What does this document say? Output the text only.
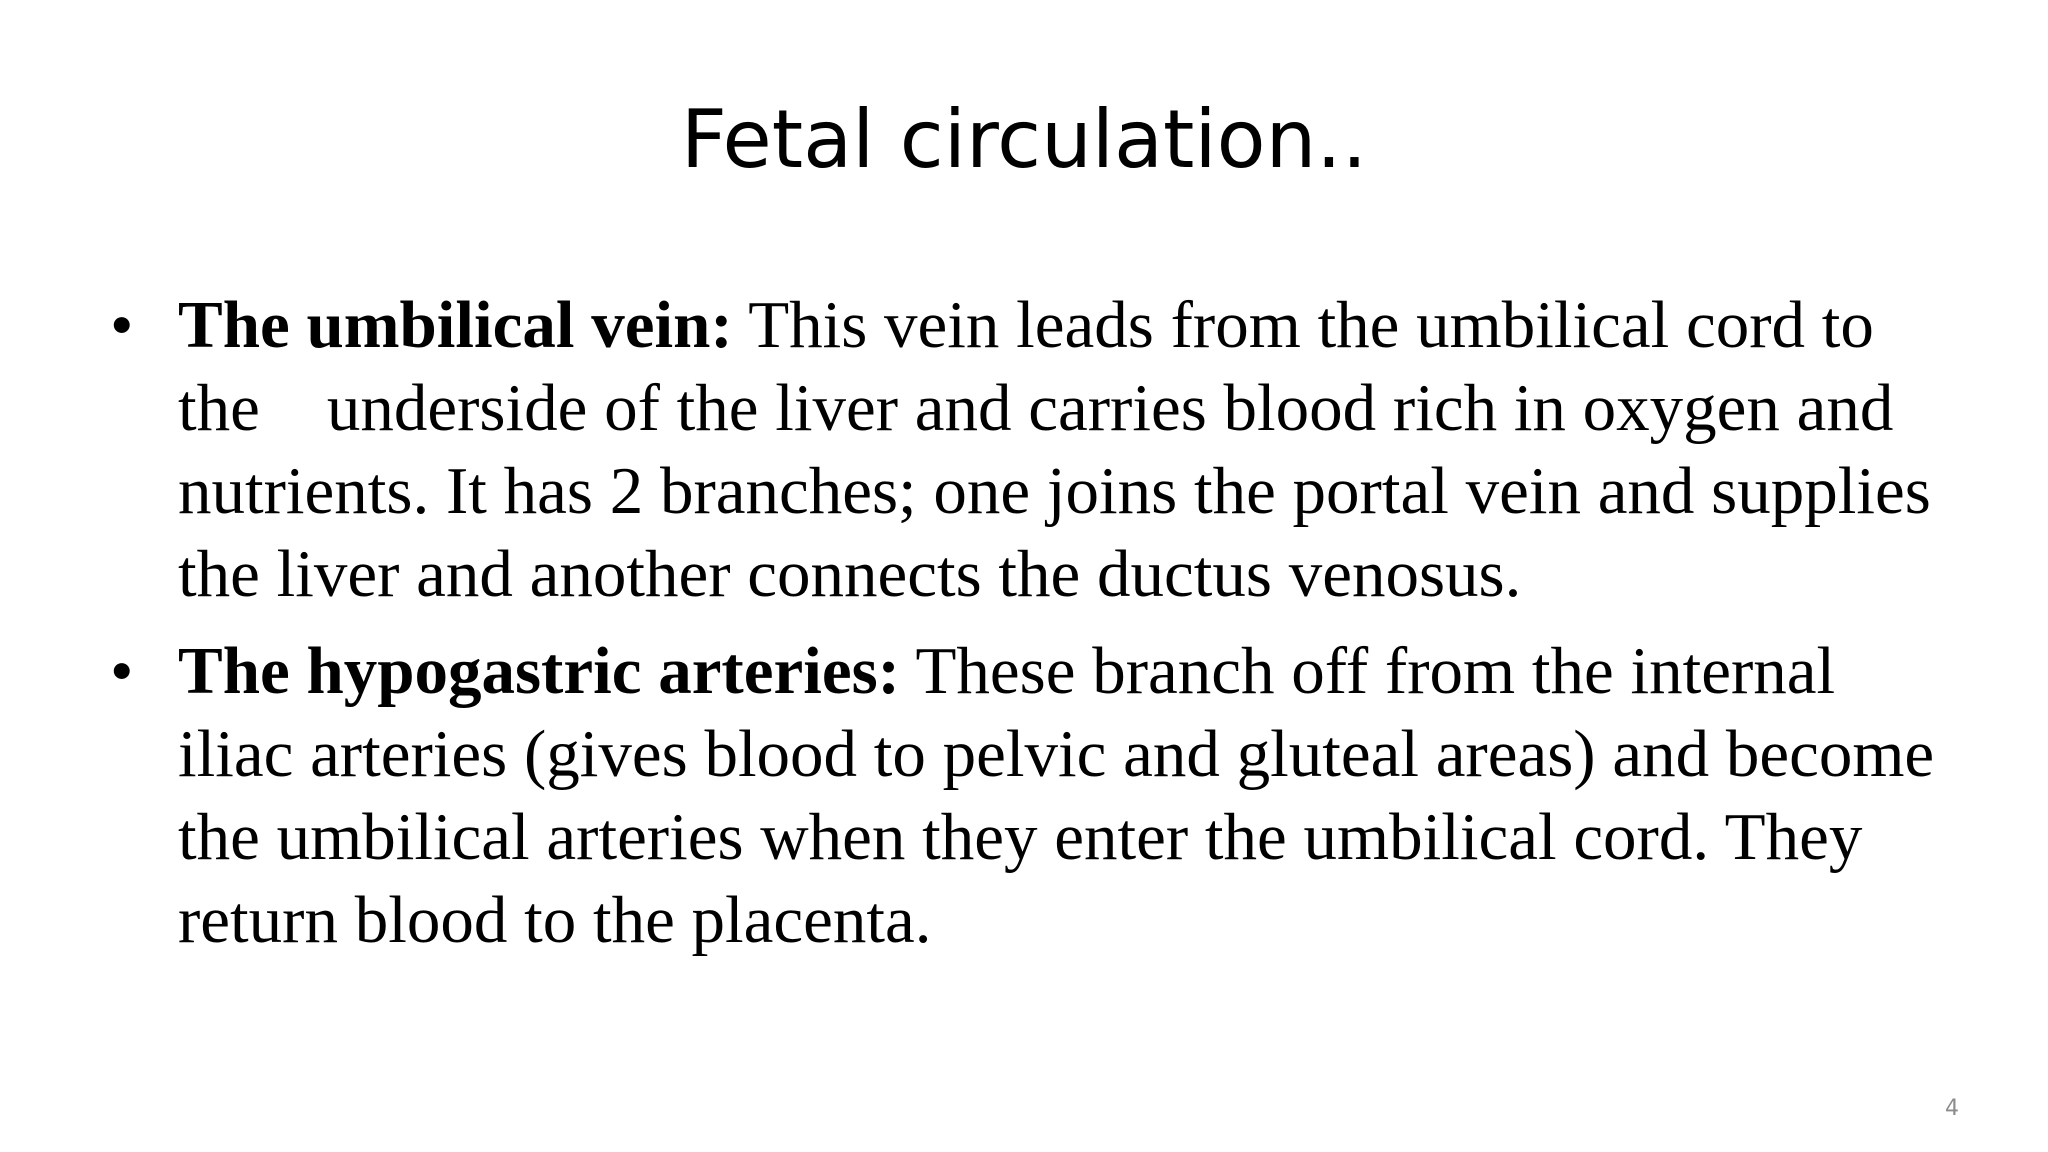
Fetal circulation..
• The umbilical vein: This vein leads from the umbilical cord to the    underside of the liver and carries blood rich in oxygen and nutrients. It has 2 branches; one joins the portal vein and supplies the liver and another connects the ductus venosus.
• The hypogastric arteries: These branch off from the internal iliac arteries (gives blood to pelvic and gluteal areas) and become the umbilical arteries when they enter the umbilical cord. They return blood to the placenta.
4
